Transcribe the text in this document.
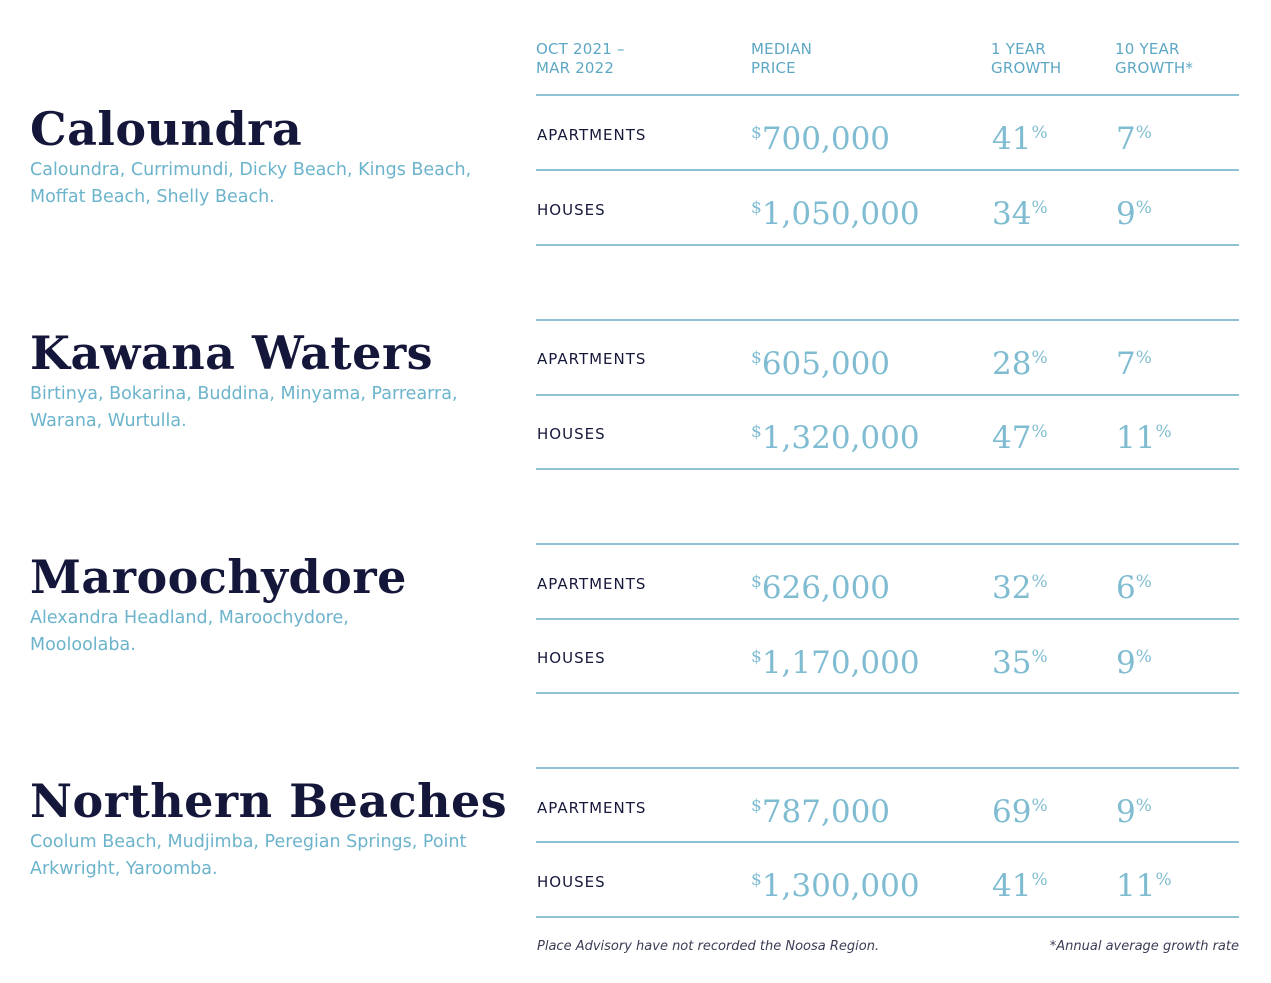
OCT 2021 –
MAR 2022
MEDIAN
PRICE
1 YEAR
GROWTH
10 YEAR
GROWTH*
Caloundra
Caloundra, Currimundi, Dicky Beach, Kings Beach, Moffat Beach, Shelly Beach.
APARTMENTS	$700,000	41% 7%
HOUSES	$1,050,000 34% 9%
Kawana Waters
Birtinya, Bokarina, Buddina, Minyama, Parrearra, Warana, Wurtulla.
APARTMENTS	$605,000	28% 7%
HOUSES	$1,320,000 47% 11%
Maroochydore
Alexandra Headland, Maroochydore, Mooloolaba.
APARTMENTS	$626,000	32% 6%
HOUSES	$1,170,000 35% 9%
Northern Beaches
Coolum Beach, Mudjimba, Peregian Springs, Point Arkwright, Yaroomba.
APARTMENTS	$787,000	69% 9%
HOUSES	$1,300,000 41% 11%
Place Advisory have not recorded the Noosa Region.	*Annual average growth rate
